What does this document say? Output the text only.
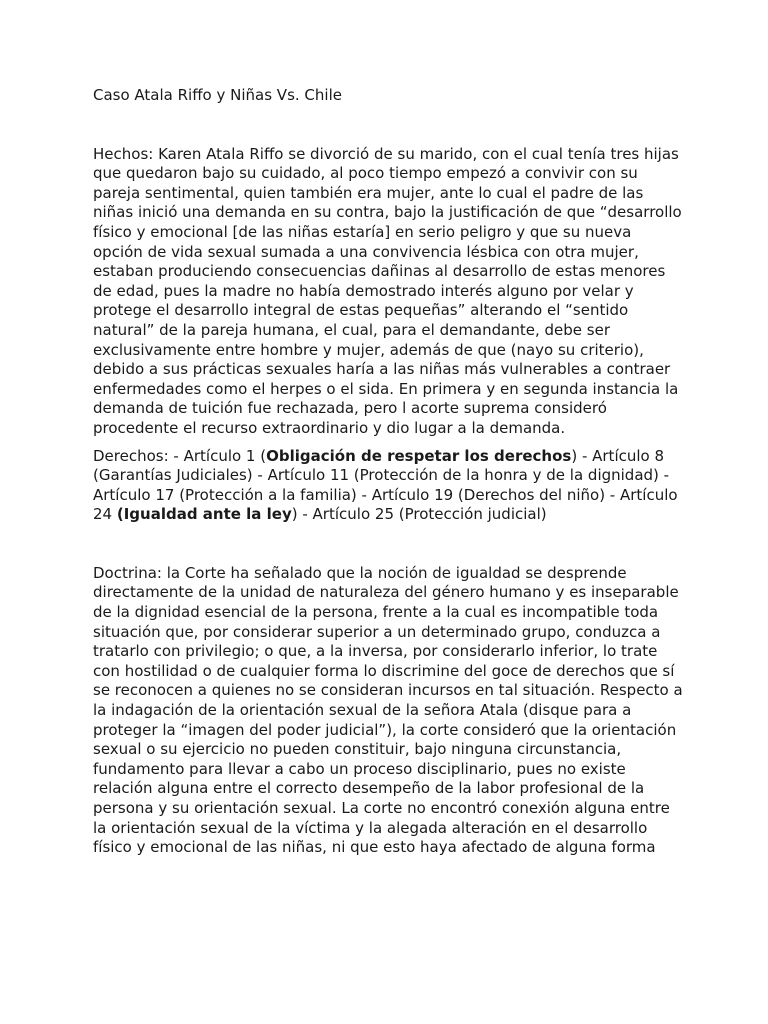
Caso Atala Riffo y Niñas Vs. Chile

Hechos: Karen Atala Riffo se divorció de su marido, con el cual tenía tres hijas que quedaron bajo su cuidado, al poco tiempo empezó a convivir con su pareja sentimental, quien también era mujer, ante lo cual el padre de las niñas inició una demanda en su contra, bajo la justificación de que “desarrollo físico y emocional [de las niñas estaría] en serio peligro y que su nueva opción de vida sexual sumada a una convivencia lésbica con otra mujer, estaban produciendo consecuencias dañinas al desarrollo de estas menores de edad, pues la madre no había demostrado interés alguno por velar y protege el desarrollo integral de estas pequeñas” alterando el “sentido natural” de la pareja humana, el cual, para el demandante, debe ser exclusivamente entre hombre y mujer, además de que (nayo su criterio), debido a sus prácticas sexuales haría a las niñas más vulnerables a contraer enfermedades como el herpes o el sida. En primera y en segunda instancia la demanda de tuición fue rechazada, pero l acorte suprema consideró procedente el recurso extraordinario y dio lugar a la demanda.

Derechos: - Artículo 1 (Obligación de respetar los derechos) - Artículo 8 (Garantías Judiciales) - Artículo 11 (Protección de la honra y de la dignidad) - Artículo 17 (Protección a la familia) - Artículo 19 (Derechos del niño) - Artículo 24 (Igualdad ante la ley) - Artículo 25 (Protección judicial)

Doctrina: la Corte ha señalado que la noción de igualdad se desprende directamente de la unidad de naturaleza del género humano y es inseparable de la dignidad esencial de la persona, frente a la cual es incompatible toda situación que, por considerar superior a un determinado grupo, conduzca a tratarlo con privilegio; o que, a la inversa, por considerarlo inferior, lo trate con hostilidad o de cualquier forma lo discrimine del goce de derechos que sí se reconocen a quienes no se consideran incursos en tal situación. Respecto a la indagación de la orientación sexual de la señora Atala (disque para a proteger la “imagen del poder judicial”), la corte consideró que la orientación sexual o su ejercicio no pueden constituir, bajo ninguna circunstancia, fundamento para llevar a cabo un proceso disciplinario, pues no existe relación alguna entre el correcto desempeño de la labor profesional de la persona y su orientación sexual. La corte no encontró conexión alguna entre la orientación sexual de la víctima y la alegada alteración en el desarrollo físico y emocional de las niñas, ni que esto haya afectado de alguna forma
